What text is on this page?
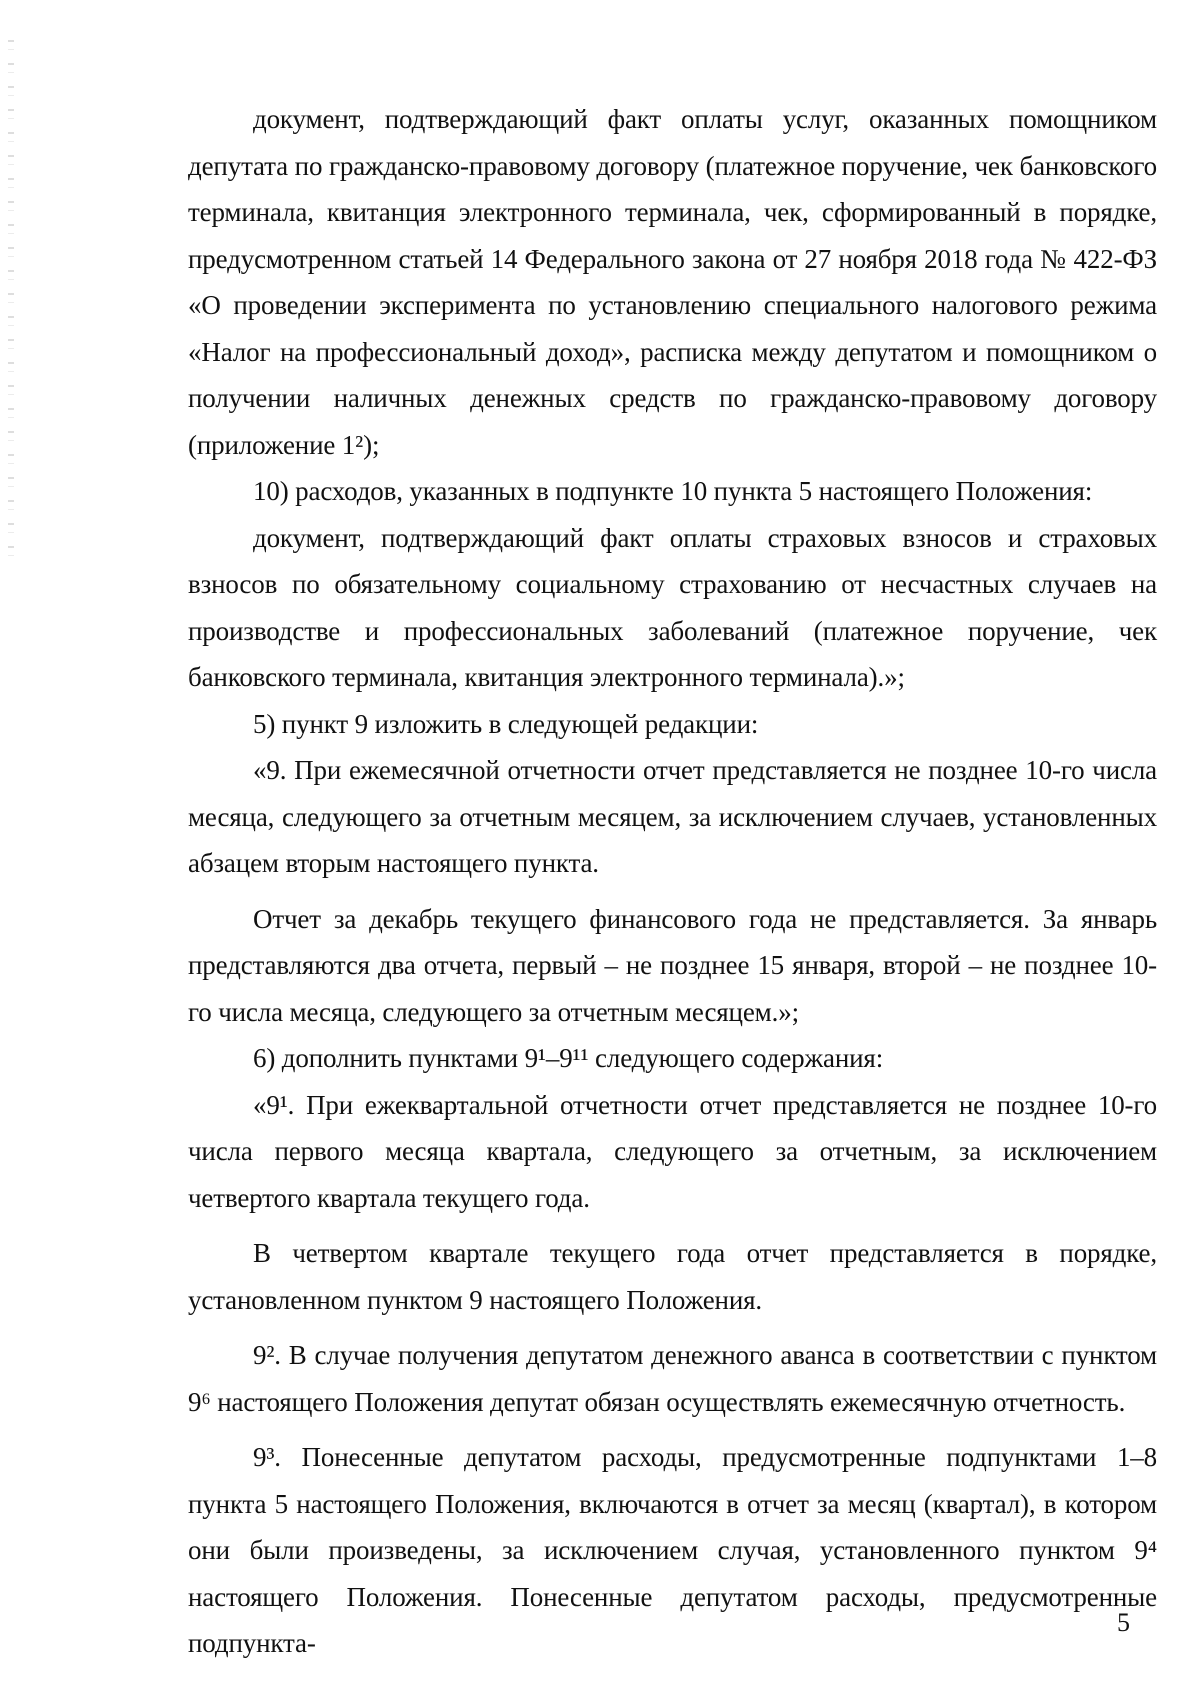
документ, подтверждающий факт оплаты услуг, оказанных помощником депутата по гражданско-правовому договору (платежное поручение, чек банковского терминала, квитанция электронного терминала, чек, сформированный в порядке, предусмотренном статьей 14 Федерального закона от 27 ноября 2018 года № 422-ФЗ «О проведении эксперимента по установлению специального налогового режима «Налог на профессиональный доход», расписка между депутатом и помощником о получении наличных денежных средств по гражданско-правовому договору (приложение 1²);

10) расходов, указанных в подпункте 10 пункта 5 настоящего Положения:

документ, подтверждающий факт оплаты страховых взносов и страховых взносов по обязательному социальному страхованию от несчастных случаев на производстве и профессиональных заболеваний (платежное поручение, чек банковского терминала, квитанция электронного терминала).»;

5) пункт 9 изложить в следующей редакции:

«9. При ежемесячной отчетности отчет представляется не позднее 10-го числа месяца, следующего за отчетным месяцем, за исключением случаев, установленных абзацем вторым настоящего пункта.

Отчет за декабрь текущего финансового года не представляется. За январь представляются два отчета, первый – не позднее 15 января, второй – не позднее 10-го числа месяца, следующего за отчетным месяцем.»;

6) дополнить пунктами 9¹–9¹¹ следующего содержания:

«9¹. При ежеквартальной отчетности отчет представляется не позднее 10-го числа первого месяца квартала, следующего за отчетным, за исключением четвертого квартала текущего года.

В четвертом квартале текущего года отчет представляется в порядке, установленном пунктом 9 настоящего Положения.

9². В случае получения депутатом денежного аванса в соответствии с пунктом 9⁶ настоящего Положения депутат обязан осуществлять ежемесячную отчетность.

9³. Понесенные депутатом расходы, предусмотренные подпунктами 1–8 пункта 5 настоящего Положения, включаются в отчет за месяц (квартал), в котором они были произведены, за исключением случая, установленного пунктом 9⁴ настоящего Положения. Понесенные депутатом расходы, предусмотренные подпункта-

5
